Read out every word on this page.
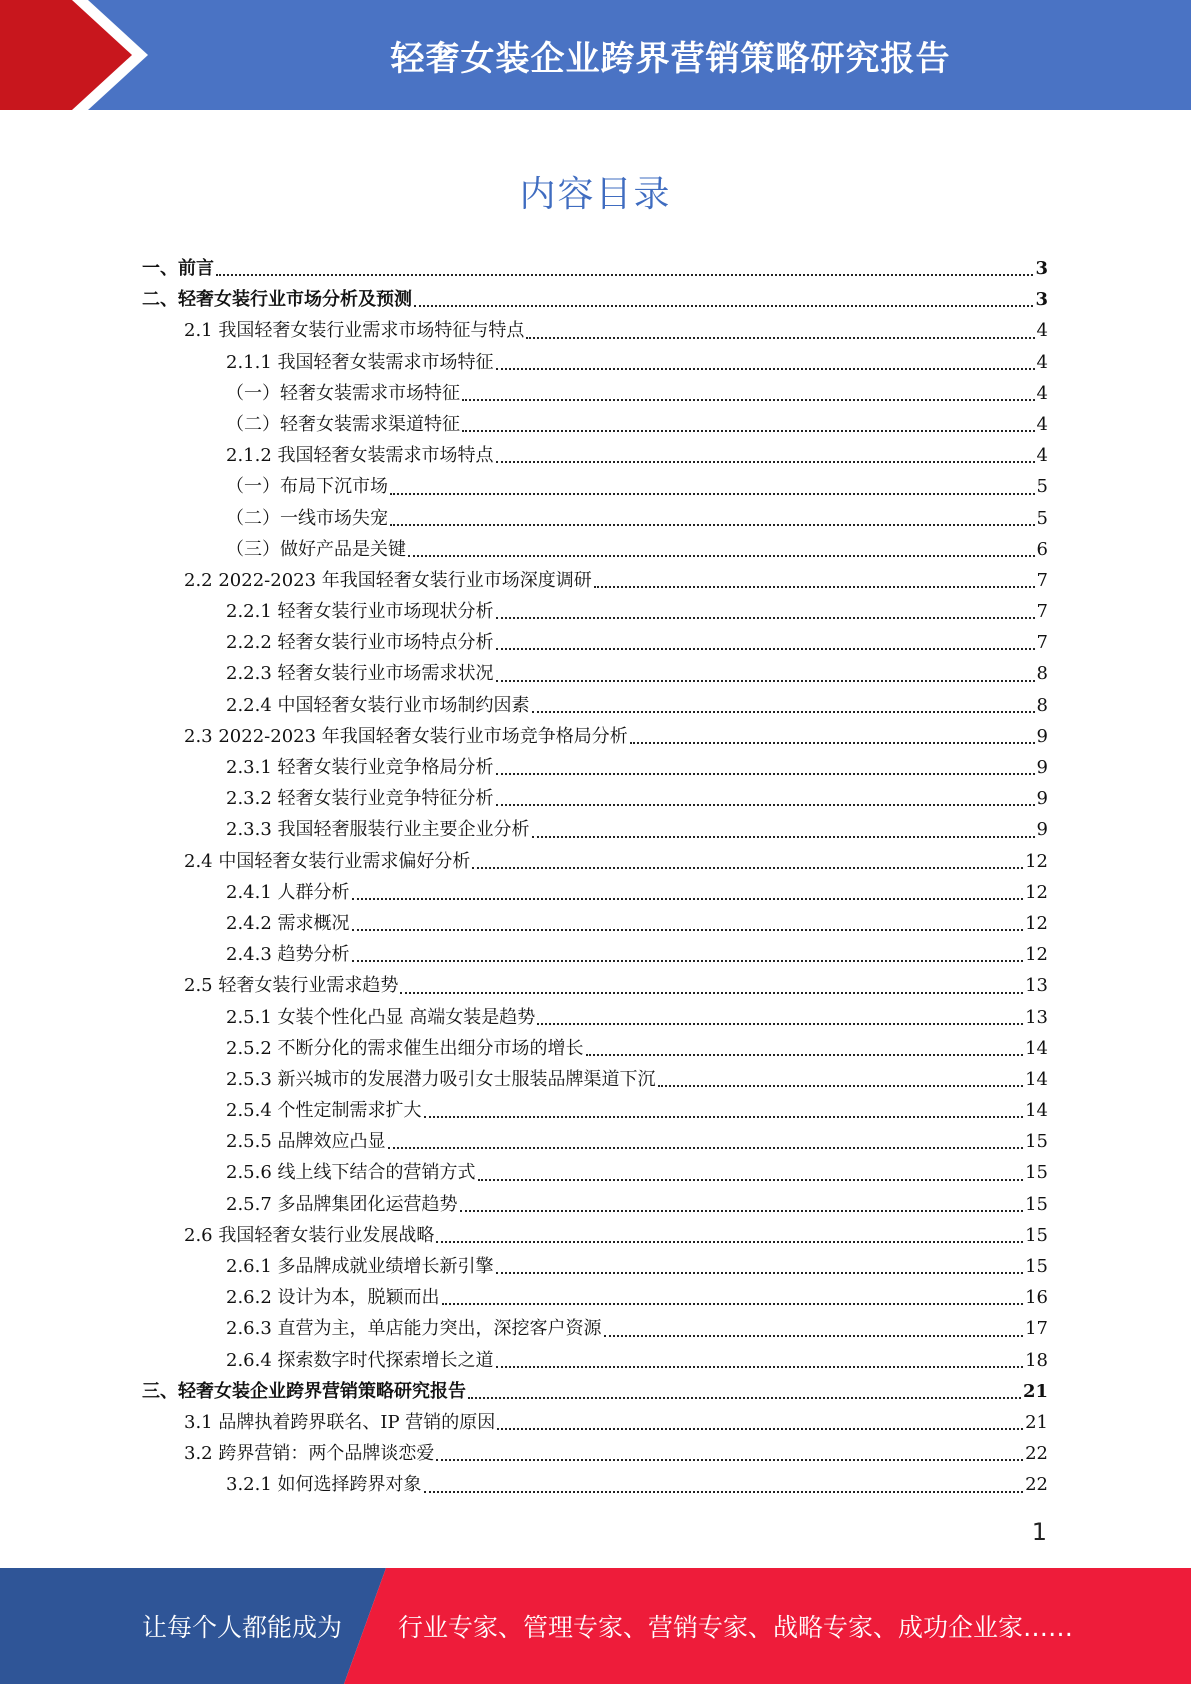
轻奢女装企业跨界营销策略研究报告
内容目录
一、前言	3
二、轻奢女装行业市场分析及预测	3
2.1 我国轻奢女装行业需求市场特征与特点	4
2.1.1 我国轻奢女装需求市场特征	4
（一）轻奢女装需求市场特征	4
（二）轻奢女装需求渠道特征	4
2.1.2 我国轻奢女装需求市场特点	4
（一）布局下沉市场	5
（二）一线市场失宠	5
（三）做好产品是关键	6
2.2 2022-2023 年我国轻奢女装行业市场深度调研	7
2.2.1 轻奢女装行业市场现状分析	7
2.2.2 轻奢女装行业市场特点分析	7
2.2.3 轻奢女装行业市场需求状况	8
2.2.4 中国轻奢女装行业市场制约因素	8
2.3 2022-2023 年我国轻奢女装行业市场竞争格局分析	9
2.3.1 轻奢女装行业竞争格局分析	9
2.3.2 轻奢女装行业竞争特征分析	9
2.3.3 我国轻奢服装行业主要企业分析	9
2.4 中国轻奢女装行业需求偏好分析	12
2.4.1 人群分析	12
2.4.2 需求概况	12
2.4.3 趋势分析	12
2.5 轻奢女装行业需求趋势	13
2.5.1 女装个性化凸显 高端女装是趋势	13
2.5.2 不断分化的需求催生出细分市场的增长	14
2.5.3 新兴城市的发展潜力吸引女士服装品牌渠道下沉	14
2.5.4 个性定制需求扩大	14
2.5.5 品牌效应凸显	15
2.5.6 线上线下结合的营销方式	15
2.5.7 多品牌集团化运营趋势	15
2.6 我国轻奢女装行业发展战略	15
2.6.1 多品牌成就业绩增长新引擎	15
2.6.2 设计为本，脱颖而出	16
2.6.3 直营为主，单店能力突出，深挖客户资源	17
2.6.4 探索数字时代探索增长之道	18
三、轻奢女装企业跨界营销策略研究报告	21
3.1 品牌执着跨界联名、IP 营销的原因	21
3.2 跨界营销：两个品牌谈恋爱	22
3.2.1 如何选择跨界对象	22
1
让每个人都能成为 行业专家、管理专家、营销专家、战略专家、成功企业家……
